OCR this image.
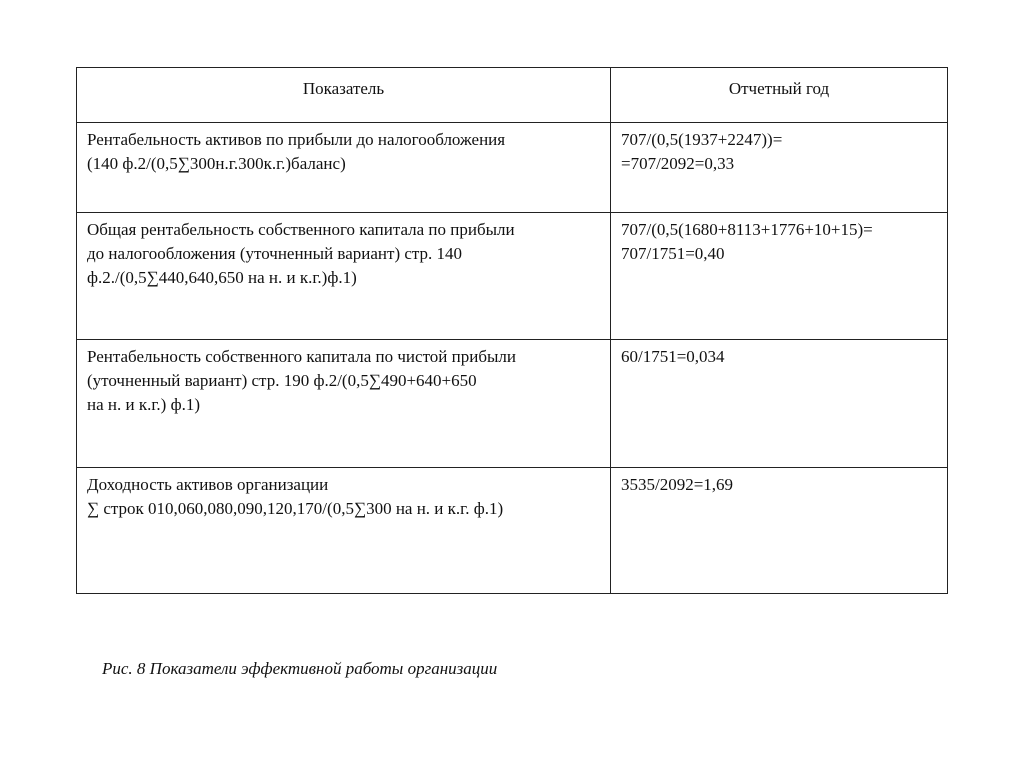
Показатель	Отчетный год

Рентабельность активов по прибыли до налогообложения
(140 ф.2/(0,5∑300н.г.300к.г.)баланс)	707/(0,5(1937+2247))=
=707/2092=0,33

Общая рентабельность собственного капитала по прибыли
до налогообложения (уточненный вариант) стр. 140
ф.2./(0,5∑440,640,650 на н. и к.г.)ф.1)	707/(0,5(1680+8113+1776+10+15)=
707/1751=0,40

Рентабельность собственного капитала по чистой прибыли
(уточненный вариант) стр. 190 ф.2/(0,5∑490+640+650
на н. и к.г.) ф.1)	60/1751=0,034

Доходность активов организации
∑ строк 010,060,080,090,120,170/(0,5∑300 на н. и к.г. ф.1)	3535/2092=1,69
Рис. 8 Показатели эффективной работы организации
